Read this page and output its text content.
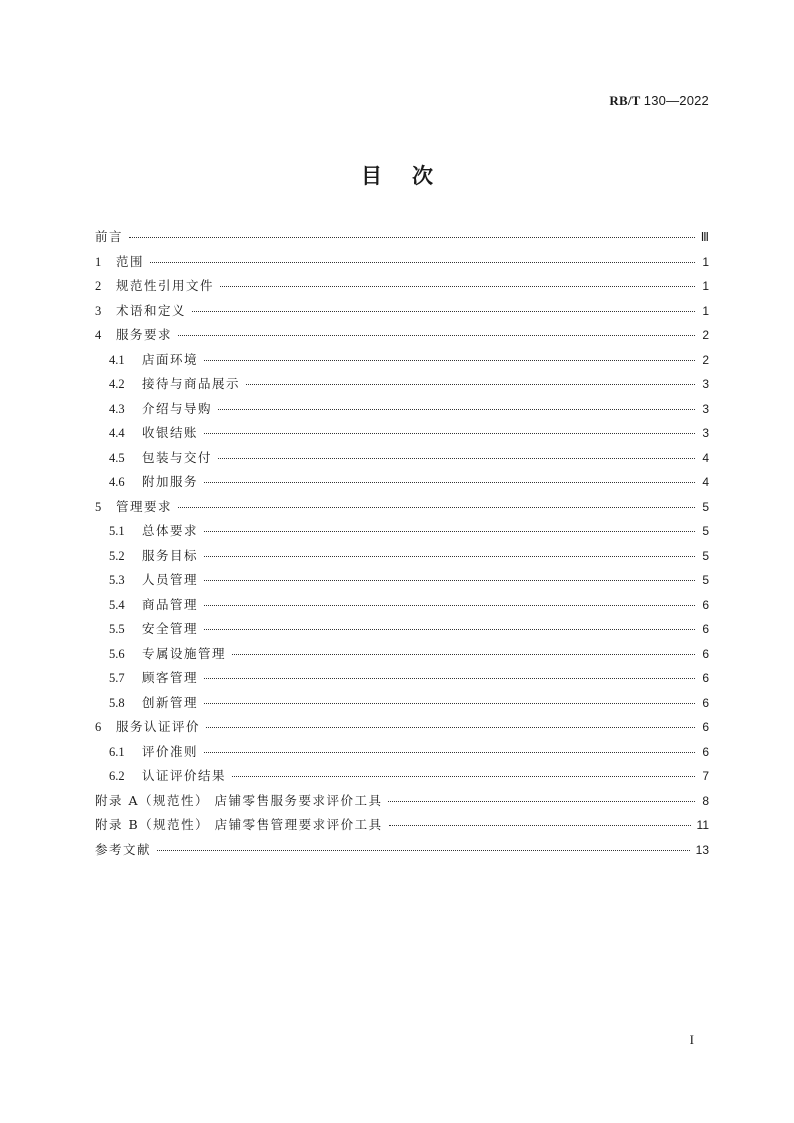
RB/T 130—2022
目次
前言	Ⅲ
1	范围	1
2	规范性引用文件	1
3	术语和定义	1
4	服务要求	2
4.1	店面环境	2
4.2	接待与商品展示	3
4.3	介绍与导购	3
4.4	收银结账	3
4.5	包装与交付	4
4.6	附加服务	4
5	管理要求	5
5.1	总体要求	5
5.2	服务目标	5
5.3	人员管理	5
5.4	商品管理	6
5.5	安全管理	6
5.6	专属设施管理	6
5.7	顾客管理	6
5.8	创新管理	6
6	服务认证评价	6
6.1	评价准则	6
6.2	认证评价结果	7
附录 A（规范性） 店铺零售服务要求评价工具	8
附录 B（规范性） 店铺零售管理要求评价工具	11
参考文献	13
I
